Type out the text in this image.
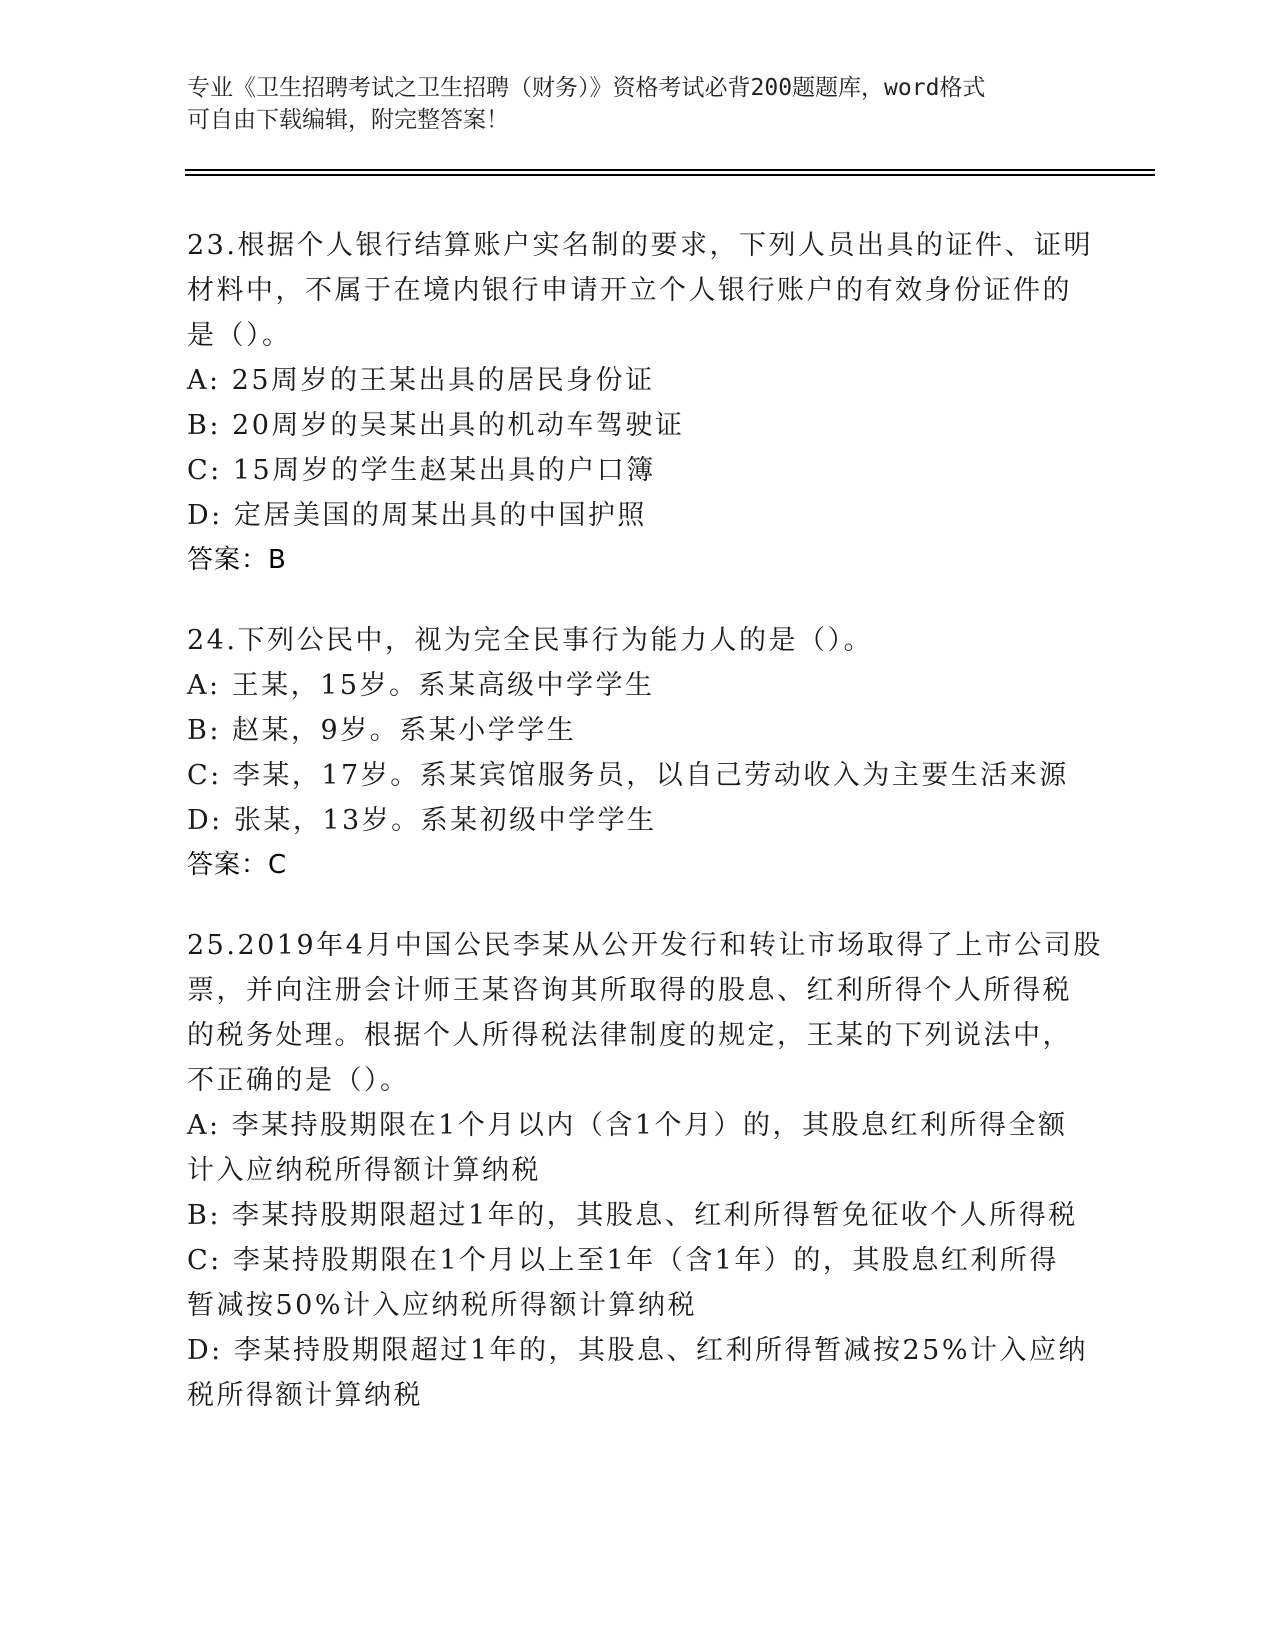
专业《卫生招聘考试之卫生招聘（财务）》资格考试必背200题题库，word格式
可自由下载编辑，附完整答案！
23.根据个人银行结算账户实名制的要求，下列人员出具的证件、证明
材料中，不属于在境内银行申请开立个人银行账户的有效身份证件的
是（）。
A: 25周岁的王某出具的居民身份证
B: 20周岁的吴某出具的机动车驾驶证
C: 15周岁的学生赵某出具的户口簿
D: 定居美国的周某出具的中国护照
答案：B
24.下列公民中，视为完全民事行为能力人的是（）。
A: 王某，15岁。系某高级中学学生
B: 赵某，9岁。系某小学学生
C: 李某，17岁。系某宾馆服务员，以自己劳动收入为主要生活来源
D: 张某，13岁。系某初级中学学生
答案：C
25.2019年4月中国公民李某从公开发行和转让市场取得了上市公司股
票，并向注册会计师王某咨询其所取得的股息、红利所得个人所得税
的税务处理。根据个人所得税法律制度的规定，王某的下列说法中，
不正确的是（）。
A: 李某持股期限在1个月以内（含1个月）的，其股息红利所得全额
计入应纳税所得额计算纳税
B: 李某持股期限超过1年的，其股息、红利所得暂免征收个人所得税
C: 李某持股期限在1个月以上至1年（含1年）的，其股息红利所得
暂减按50%计入应纳税所得额计算纳税
D: 李某持股期限超过1年的，其股息、红利所得暂减按25%计入应纳
税所得额计算纳税
